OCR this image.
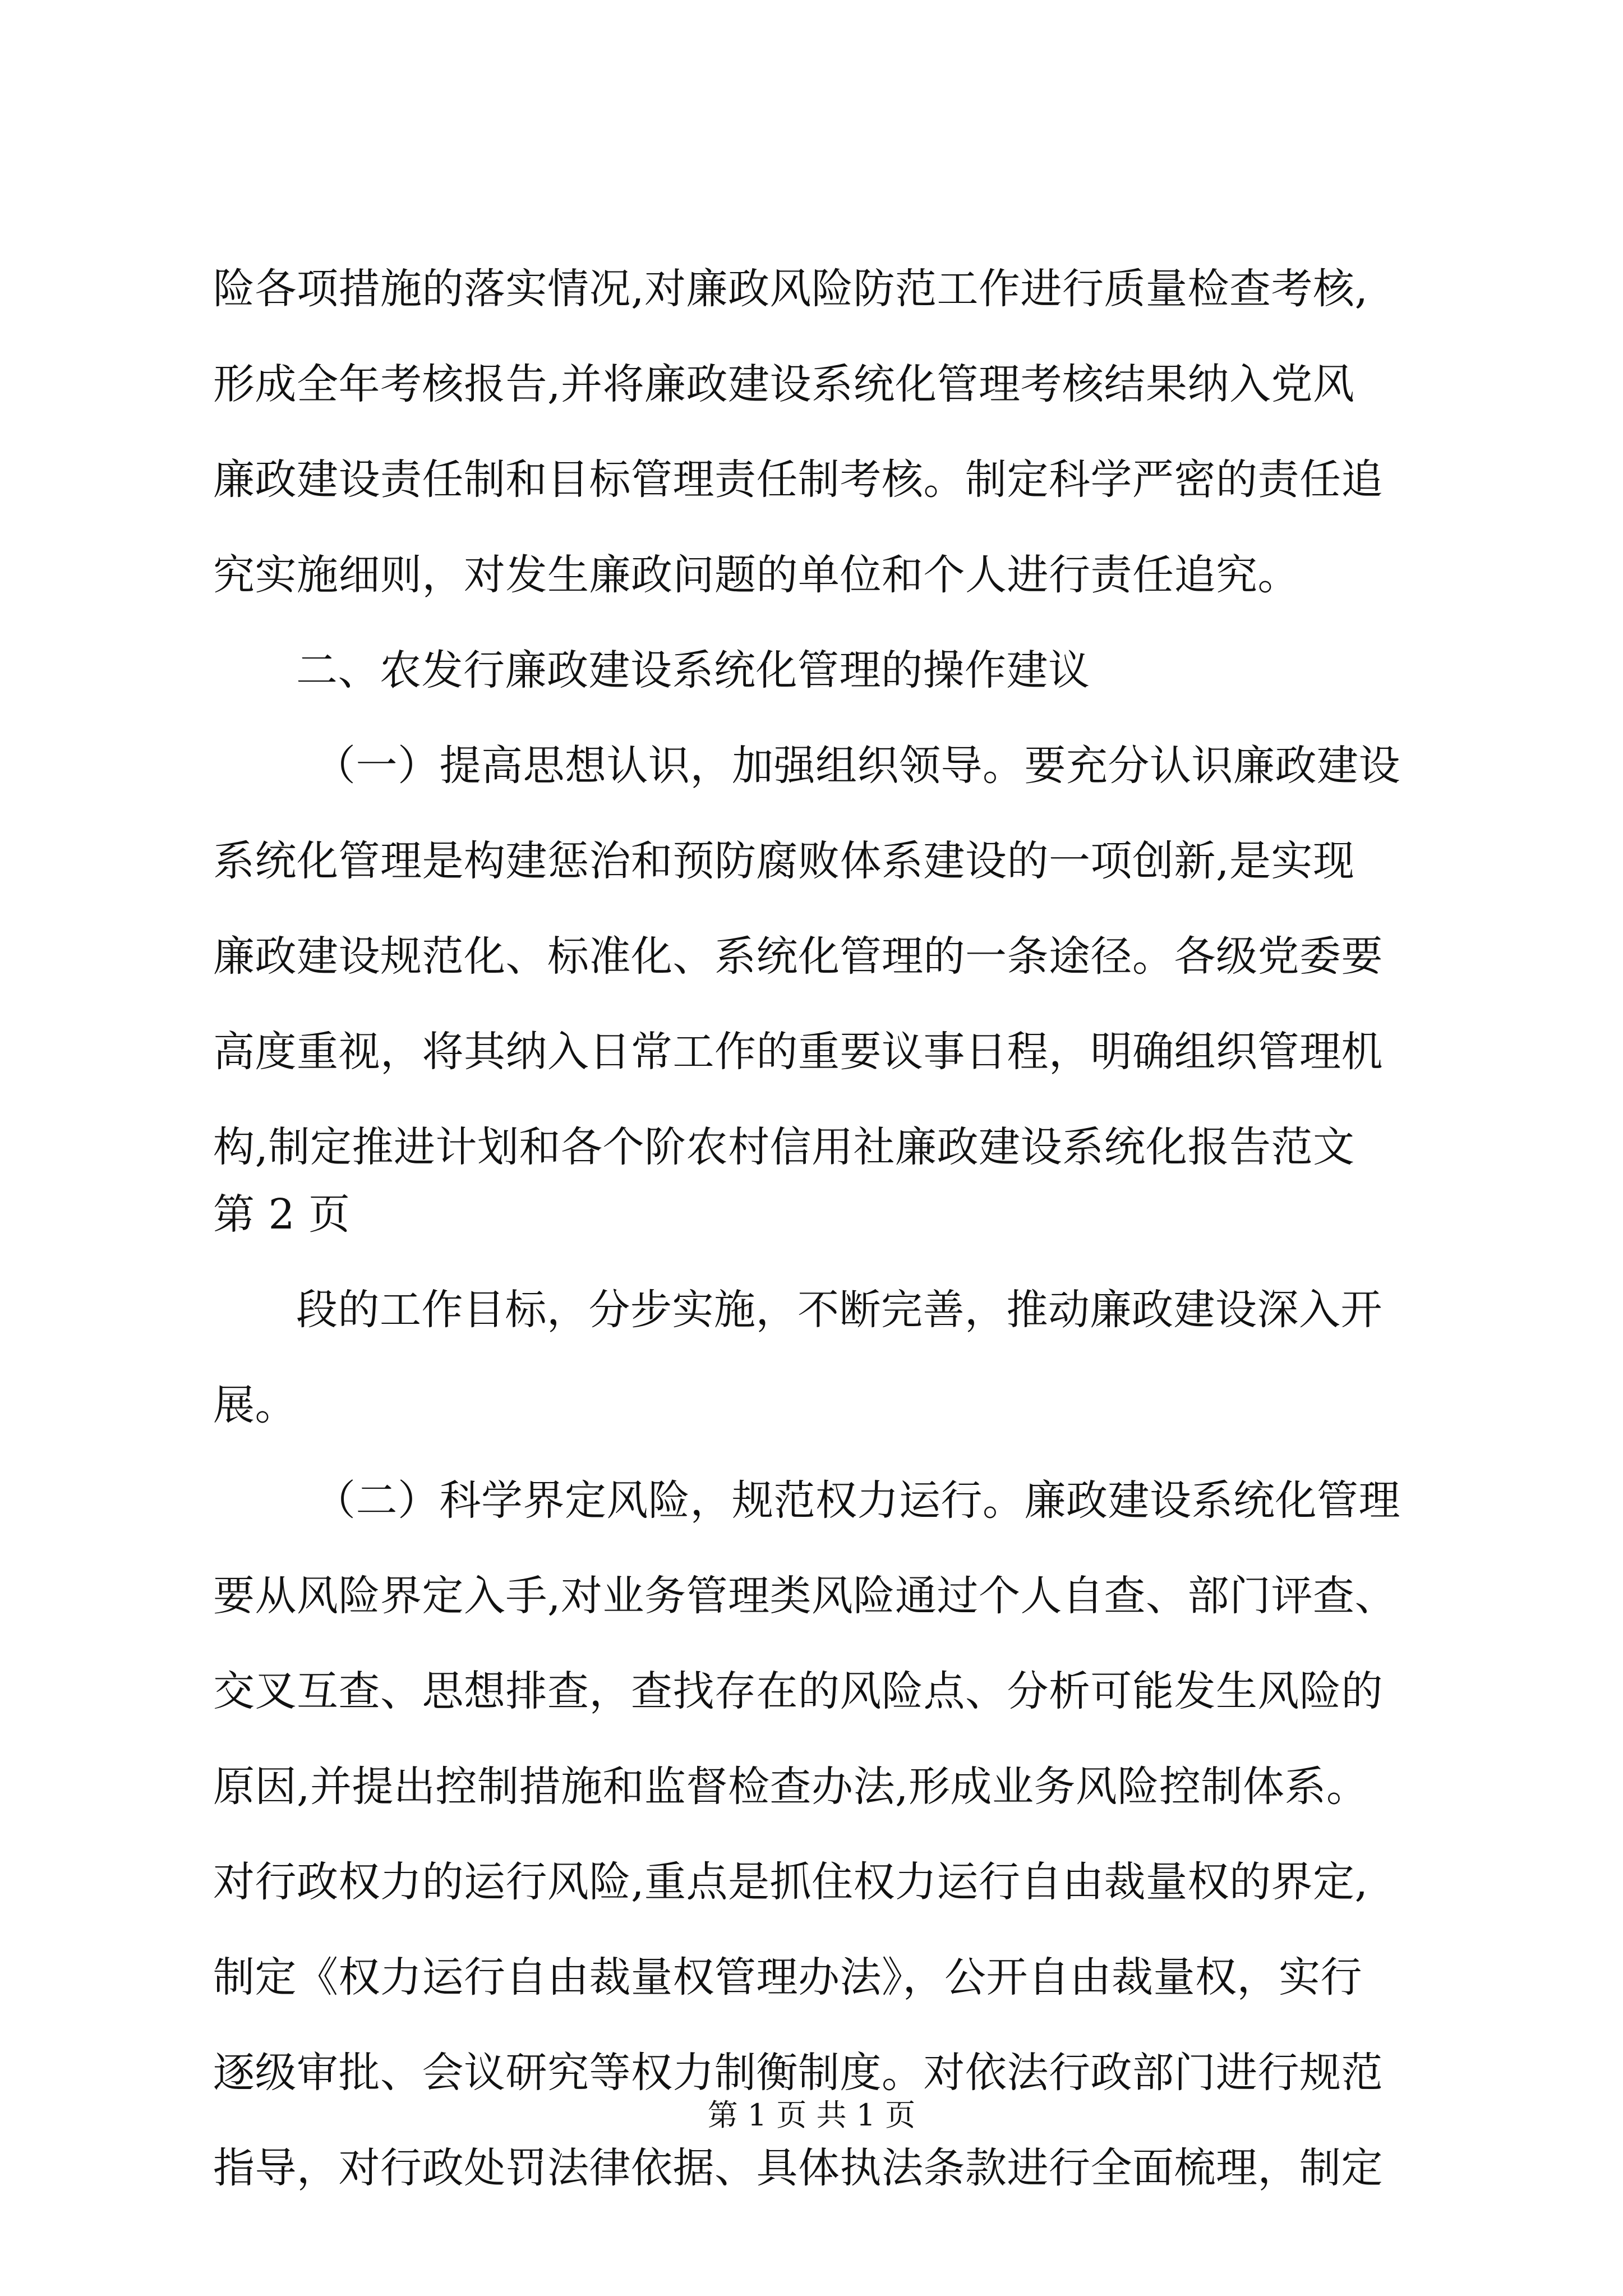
险各项措施的落实情况,对廉政风险防范工作进行质量检查考核,
形成全年考核报告,并将廉政建设系统化管理考核结果纳入党风
廉政建设责任制和目标管理责任制考核。制定科学严密的责任追
究实施细则，对发生廉政问题的单位和个人进行责任追究。
二、农发行廉政建设系统化管理的操作建议
（一）提高思想认识，加强组织领导。要充分认识廉政建设
系统化管理是构建惩治和预防腐败体系建设的一项创新,是实现
廉政建设规范化、标准化、系统化管理的一条途径。各级党委要
高度重视，将其纳入日常工作的重要议事日程，明确组织管理机
构,制定推进计划和各个阶农村信用社廉政建设系统化报告范文
第 2 页
段的工作目标，分步实施，不断完善，推动廉政建设深入开
展。
（二）科学界定风险，规范权力运行。廉政建设系统化管理
要从风险界定入手,对业务管理类风险通过个人自查、部门评查、
交叉互查、思想排查，查找存在的风险点、分析可能发生风险的
原因,并提出控制措施和监督检查办法,形成业务风险控制体系。
对行政权力的运行风险,重点是抓住权力运行自由裁量权的界定,
制定《权力运行自由裁量权管理办法》，公开自由裁量权，实行
逐级审批、会议研究等权力制衡制度。对依法行政部门进行规范
指导，对行政处罚法律依据、具体执法条款进行全面梳理，制定
第 1 页 共 1 页
